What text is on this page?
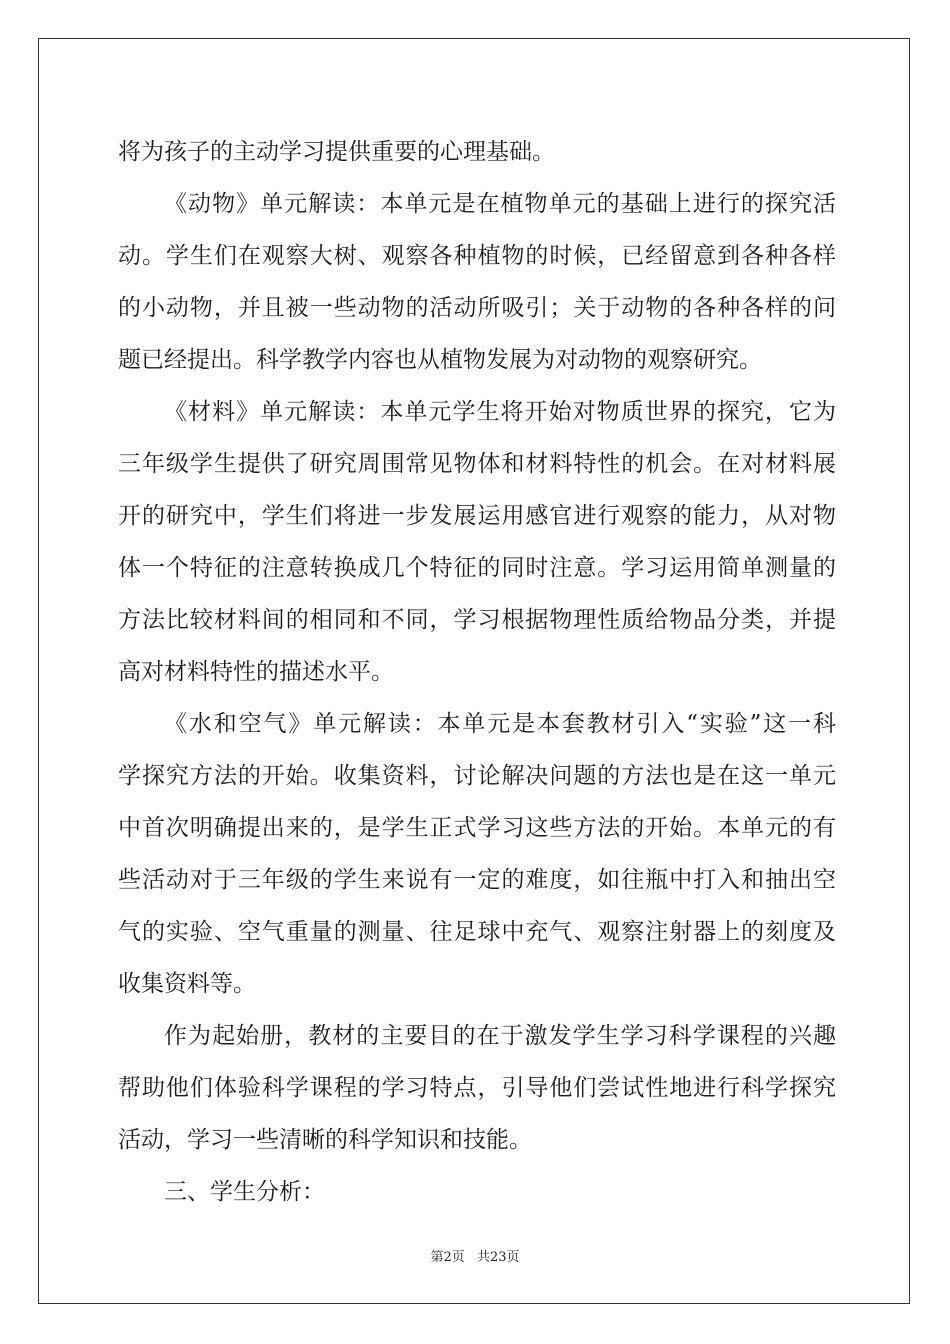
将为孩子的主动学习提供重要的心理基础。
《动物》单元解读：本单元是在植物单元的基础上进行的探究活
动。学生们在观察大树、观察各种植物的时候，已经留意到各种各样
的小动物，并且被一些动物的活动所吸引；关于动物的各种各样的问
题已经提出。科学教学内容也从植物发展为对动物的观察研究。
《材料》单元解读：本单元学生将开始对物质世界的探究，它为
三年级学生提供了研究周围常见物体和材料特性的机会。在对材料展
开的研究中，学生们将进一步发展运用感官进行观察的能力，从对物
体一个特征的注意转换成几个特征的同时注意。学习运用简单测量的
方法比较材料间的相同和不同，学习根据物理性质给物品分类，并提
高对材料特性的描述水平。
《水和空气》单元解读：本单元是本套教材引入“实验”这一科
学探究方法的开始。收集资料，讨论解决问题的方法也是在这一单元
中首次明确提出来的，是学生正式学习这些方法的开始。本单元的有
些活动对于三年级的学生来说有一定的难度，如往瓶中打入和抽出空
气的实验、空气重量的测量、往足球中充气、观察注射器上的刻度及
收集资料等。
作为起始册，教材的主要目的在于激发学生学习科学课程的兴趣
帮助他们体验科学课程的学习特点，引导他们尝试性地进行科学探究
活动，学习一些清晰的科学知识和技能。
三、学生分析：
第2页 共23页
